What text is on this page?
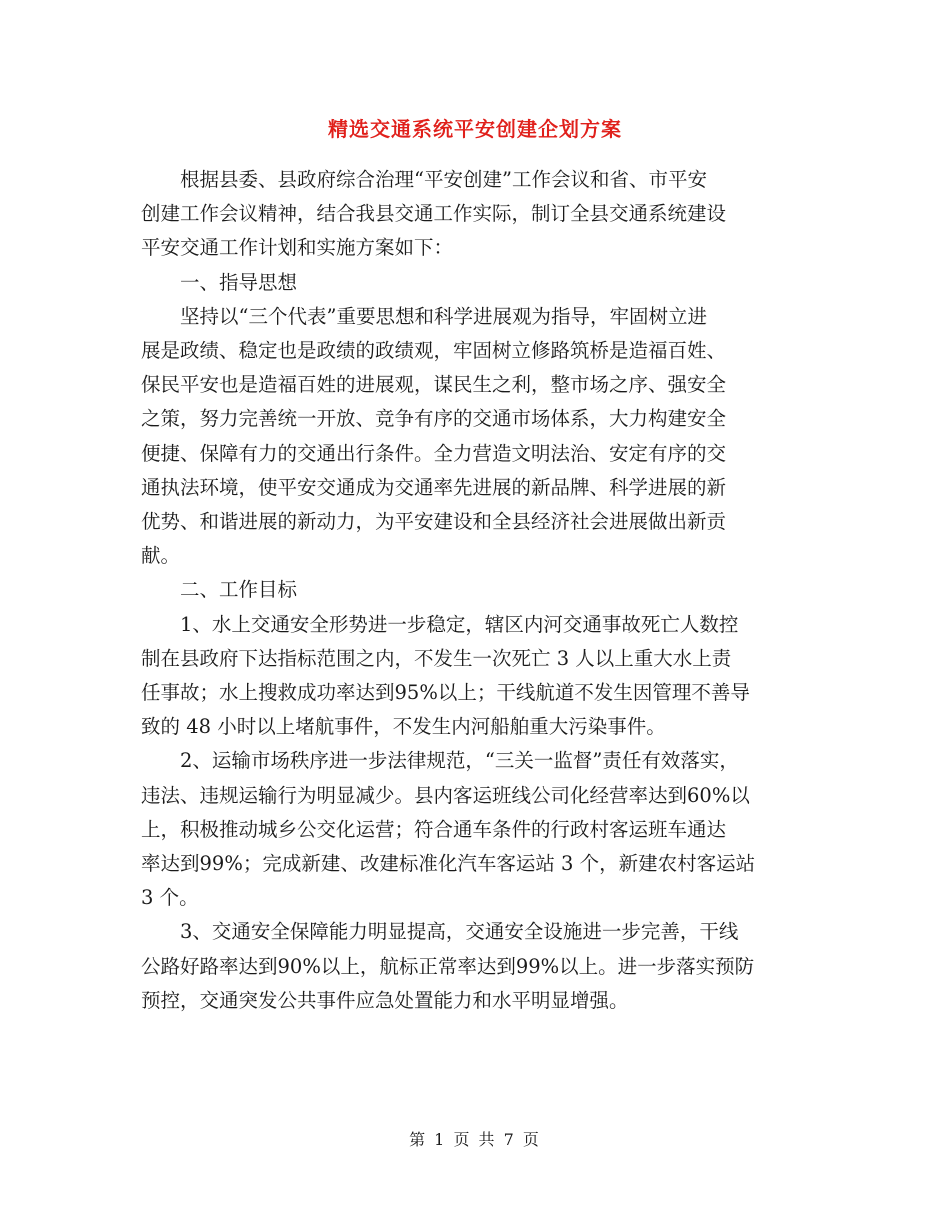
精选交通系统平安创建企划方案

根据县委、县政府综合治理“平安创建”工作会议和省、市平安
创建工作会议精神，结合我县交通工作实际，制订全县交通系统建设
平安交通工作计划和实施方案如下：

一、指导思想

坚持以“三个代表”重要思想和科学进展观为指导，牢固树立进
展是政绩、稳定也是政绩的政绩观，牢固树立修路筑桥是造福百姓、
保民平安也是造福百姓的进展观，谋民生之利，整市场之序、强安全
之策，努力完善统一开放、竞争有序的交通市场体系，大力构建安全
便捷、保障有力的交通出行条件。全力营造文明法治、安定有序的交
通执法环境，使平安交通成为交通率先进展的新品牌、科学进展的新
优势、和谐进展的新动力，为平安建设和全县经济社会进展做出新贡
献。

二、工作目标

1、水上交通安全形势进一步稳定，辖区内河交通事故死亡人数控
制在县政府下达指标范围之内，不发生一次死亡 3 人以上重大水上责
任事故；水上搜救成功率达到95%以上；干线航道不发生因管理不善导
致的 48 小时以上堵航事件，不发生内河船舶重大污染事件。

2、运输市场秩序进一步法律规范，“三关一监督”责任有效落实，
违法、违规运输行为明显减少。县内客运班线公司化经营率达到60%以
上，积极推动城乡公交化运营；符合通车条件的行政村客运班车通达
率达到99%；完成新建、改建标准化汽车客运站 3 个，新建农村客运站
3 个。

3、交通安全保障能力明显提高，交通安全设施进一步完善，干线
公路好路率达到90%以上，航标正常率达到99%以上。进一步落实预防
预控，交通突发公共事件应急处置能力和水平明显增强。

第 1 页 共 7 页
